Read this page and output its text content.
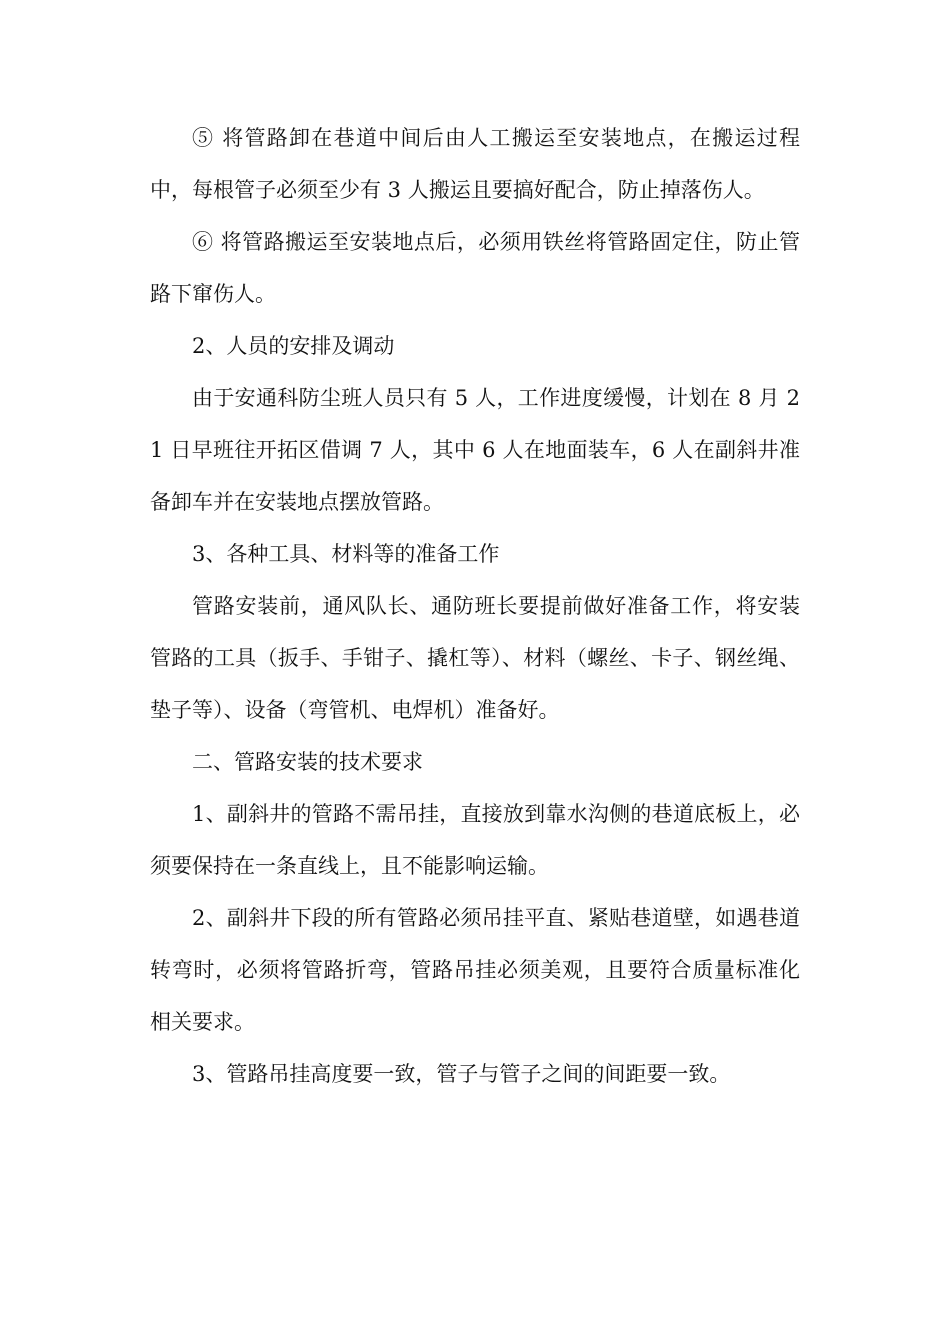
⑤ 将管路卸在巷道中间后由人工搬运至安装地点，在搬运过程中，每根管子必须至少有 3 人搬运且要搞好配合，防止掉落伤人。

⑥ 将管路搬运至安装地点后，必须用铁丝将管路固定住，防止管路下窜伤人。

2、人员的安排及调动

由于安通科防尘班人员只有 5 人，工作进度缓慢，计划在 8 月 21 日早班往开拓区借调 7 人，其中 6 人在地面装车，6 人在副斜井准备卸车并在安装地点摆放管路。

3、各种工具、材料等的准备工作

管路安装前，通风队长、通防班长要提前做好准备工作，将安装管路的工具（扳手、手钳子、撬杠等）、材料（螺丝、卡子、钢丝绳、垫子等）、设备（弯管机、电焊机）准备好。

二、管路安装的技术要求

1、副斜井的管路不需吊挂，直接放到靠水沟侧的巷道底板上，必须要保持在一条直线上，且不能影响运输。

2、副斜井下段的所有管路必须吊挂平直、紧贴巷道壁，如遇巷道转弯时，必须将管路折弯，管路吊挂必须美观，且要符合质量标准化相关要求。

3、管路吊挂高度要一致，管子与管子之间的间距要一致。
